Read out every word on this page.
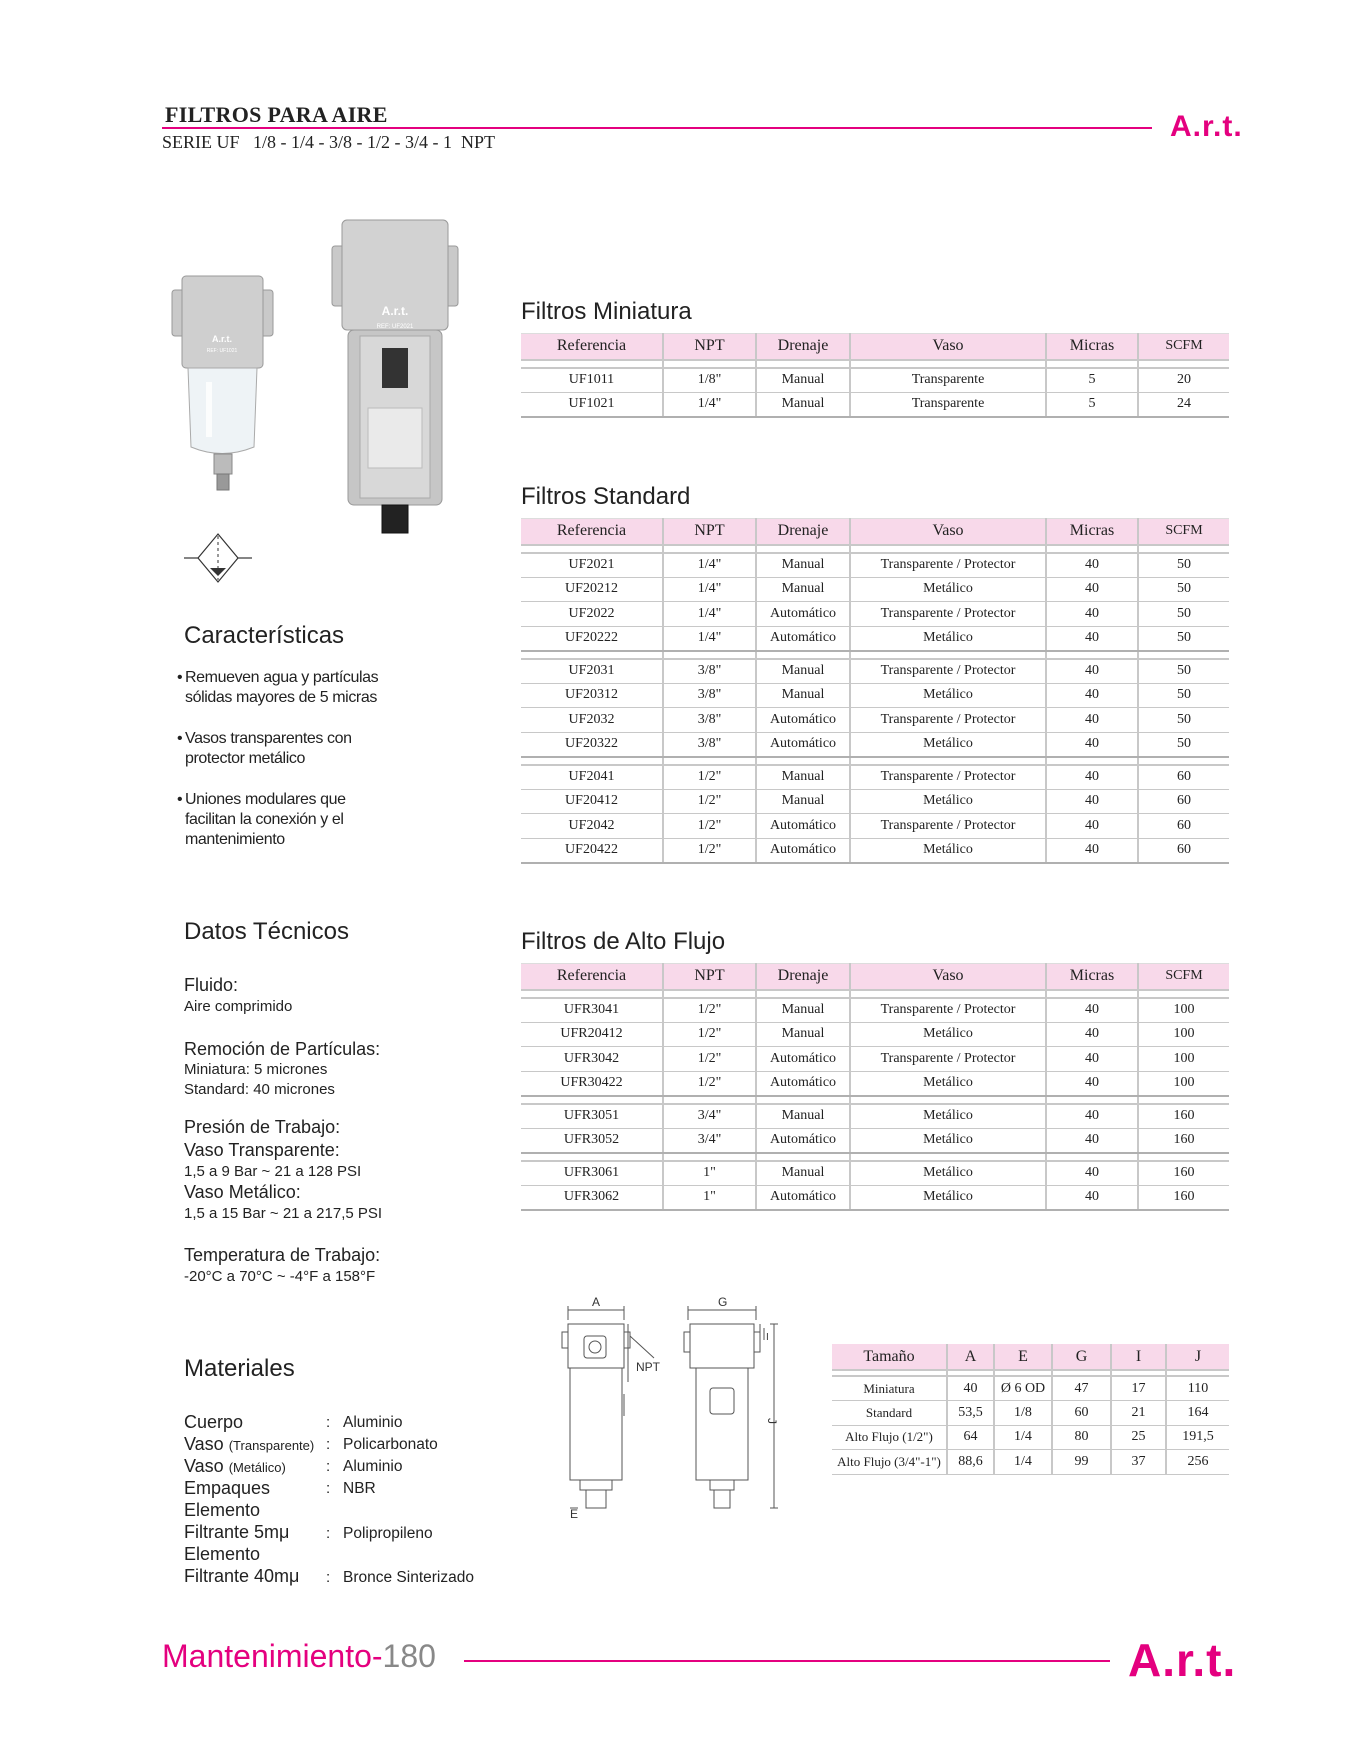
FILTROS PARA AIRE
SERIE UF   1/8 - 1/4 - 3/8 - 1/2 - 3/4 - 1  NPT	A.r.t.
A.r.t.
REF: UF1021
A.r.t.
REF: UF2021
Características
• Remueven agua y partículas
sólidas mayores de 5 micras
• Vasos transparentes con
protector metálico
• Uniones modulares que
facilitan la conexión y el
mantenimiento
Datos Técnicos
Fluido:
Aire comprimido
Remoción de Partículas:
Miniatura: 5 micrones
Standard: 40 micrones
Presión de Trabajo:
Vaso Transparente:
1,5 a 9 Bar ~ 21 a 128 PSI
Vaso Metálico:
1,5 a 15 Bar ~ 21 a 217,5 PSI
Temperatura de Trabajo:
-20°C a 70°C ~ -4°F a 158°F
Materiales
Cuerpo	: Aluminio
Vaso (Transparente) : Policarbonato
Vaso (Metálico)	: Aluminio
Empaques	: NBR
Elemento
Filtrante 5mμ : Polipropileno
Elemento
Filtrante 40mμ : Bronce Sinterizado
Filtros Miniatura
Referencia	NPT	Drenaje	Vaso	Micras	SCFM

UF1011	1/8"	Manual	Transparente	5	20
UF1021	1/4"	Manual	Transparente	5	24
Filtros Standard
Referencia	NPT	Drenaje	Vaso	Micras	SCFM

UF2021	1/4"	Manual	Transparente / Protector	40	50
UF20212	1/4"	Manual	Metálico	40	50
UF2022	1/4"	Automático	Transparente / Protector	40	50
UF20222	1/4"	Automático	Metálico	40	50

UF2031	3/8"	Manual	Transparente / Protector	40	50
UF20312	3/8"	Manual	Metálico	40	50
UF2032	3/8"	Automático	Transparente / Protector	40	50
UF20322	3/8"	Automático	Metálico	40	50

UF2041	1/2"	Manual	Transparente / Protector	40	60
UF20412	1/2"	Manual	Metálico	40	60
UF2042	1/2"	Automático	Transparente / Protector	40	60
UF20422	1/2"	Automático	Metálico	40	60
Filtros de Alto Flujo
Referencia	NPT	Drenaje	Vaso	Micras	SCFM

UFR3041	1/2"	Manual	Transparente / Protector	40	100
UFR20412	1/2"	Manual	Metálico	40	100
UFR3042	1/2"	Automático	Transparente / Protector	40	100
UFR30422	1/2"	Automático	Metálico	40	100

UFR3051	3/4"	Manual	Metálico	40	160
UFR3052	3/4"	Automático	Metálico	40	160

UFR3061	1"	Manual	Metálico	40	160
UFR3062	1"	Automático	Metálico	40	160
A	G
NPT
E
I
J
Tamaño	A	E	G	I	J

Miniatura	40	Ø 6 OD	47	17	110
Standard	53,5	1/8	60	21	164
Alto Flujo (1/2")	64	1/4	80	25	191,5
Alto Flujo (3/4"-1")	88,6	1/4	99	37	256
Mantenimiento-180	A.r.t.
